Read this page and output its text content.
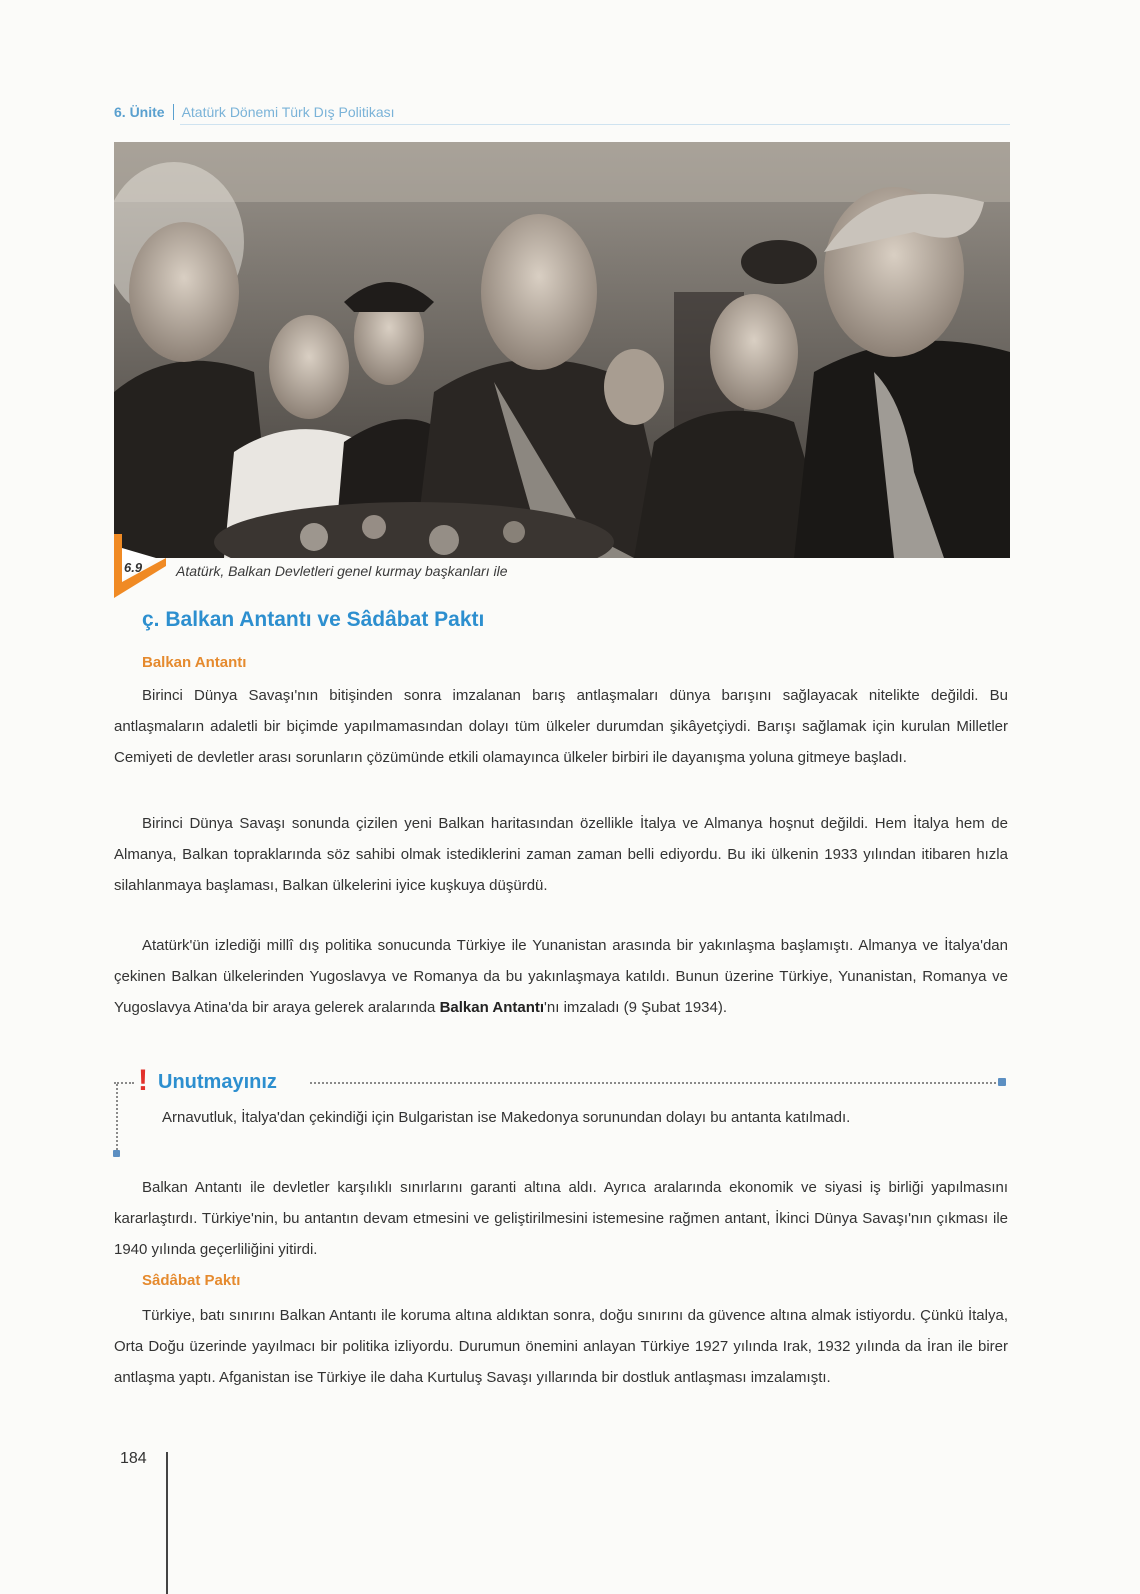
6. Ünite Atatürk Dönemi Türk Dış Politikası
6.9 Atatürk, Balkan Devletleri genel kurmay başkanları ile
ç. Balkan Antantı ve Sâdâbat Paktı
Balkan Antantı
Birinci Dünya Savaşı'nın bitişinden sonra imzalanan barış antlaşmaları dünya barışını sağlayacak nitelikte değildi. Bu antlaşmaların adaletli bir biçimde yapılmamasından dolayı tüm ülkeler durumdan şikâyetçiydi. Barışı sağlamak için kurulan Milletler Cemiyeti de devletler arası sorunların çözümünde etkili olamayınca ülkeler birbiri ile dayanışma yoluna gitmeye başladı.
Birinci Dünya Savaşı sonunda çizilen yeni Balkan haritasından özellikle İtalya ve Almanya hoşnut değildi. Hem İtalya hem de Almanya, Balkan topraklarında söz sahibi olmak istediklerini zaman zaman belli ediyordu. Bu iki ülkenin 1933 yılından itibaren hızla silahlanmaya başlaması, Balkan ülkelerini iyice kuşkuya düşürdü.
Atatürk'ün izlediği millî dış politika sonucunda Türkiye ile Yunanistan arasında bir yakınlaşma başlamıştı. Almanya ve İtalya'dan çekinen Balkan ülkelerinden Yugoslavya ve Romanya da bu yakınlaşmaya katıldı. Bunun üzerine Türkiye, Yunanistan, Romanya ve Yugoslavya Atina'da bir araya gelerek aralarında Balkan Antantı'nı imzaladı (9 Şubat 1934).
! Unutmayınız
Arnavutluk, İtalya'dan çekindiği için Bulgaristan ise Makedonya sorunundan dolayı bu antanta katılmadı.
Balkan Antantı ile devletler karşılıklı sınırlarını garanti altına aldı. Ayrıca aralarında ekonomik ve siyasi iş birliği yapılmasını kararlaştırdı. Türkiye'nin, bu antantın devam etmesini ve geliştirilmesini istemesine rağmen antant, İkinci Dünya Savaşı'nın çıkması ile 1940 yılında geçerliliğini yitirdi.
Sâdâbat Paktı
Türkiye, batı sınırını Balkan Antantı ile koruma altına aldıktan sonra, doğu sınırını da güvence altına almak istiyordu. Çünkü İtalya, Orta Doğu üzerinde yayılmacı bir politika izliyordu. Durumun önemini anlayan Türkiye 1927 yılında Irak, 1932 yılında da İran ile birer antlaşma yaptı. Afganistan ise Türkiye ile daha Kurtuluş Savaşı yıllarında bir dostluk antlaşması imzalamıştı.
184
